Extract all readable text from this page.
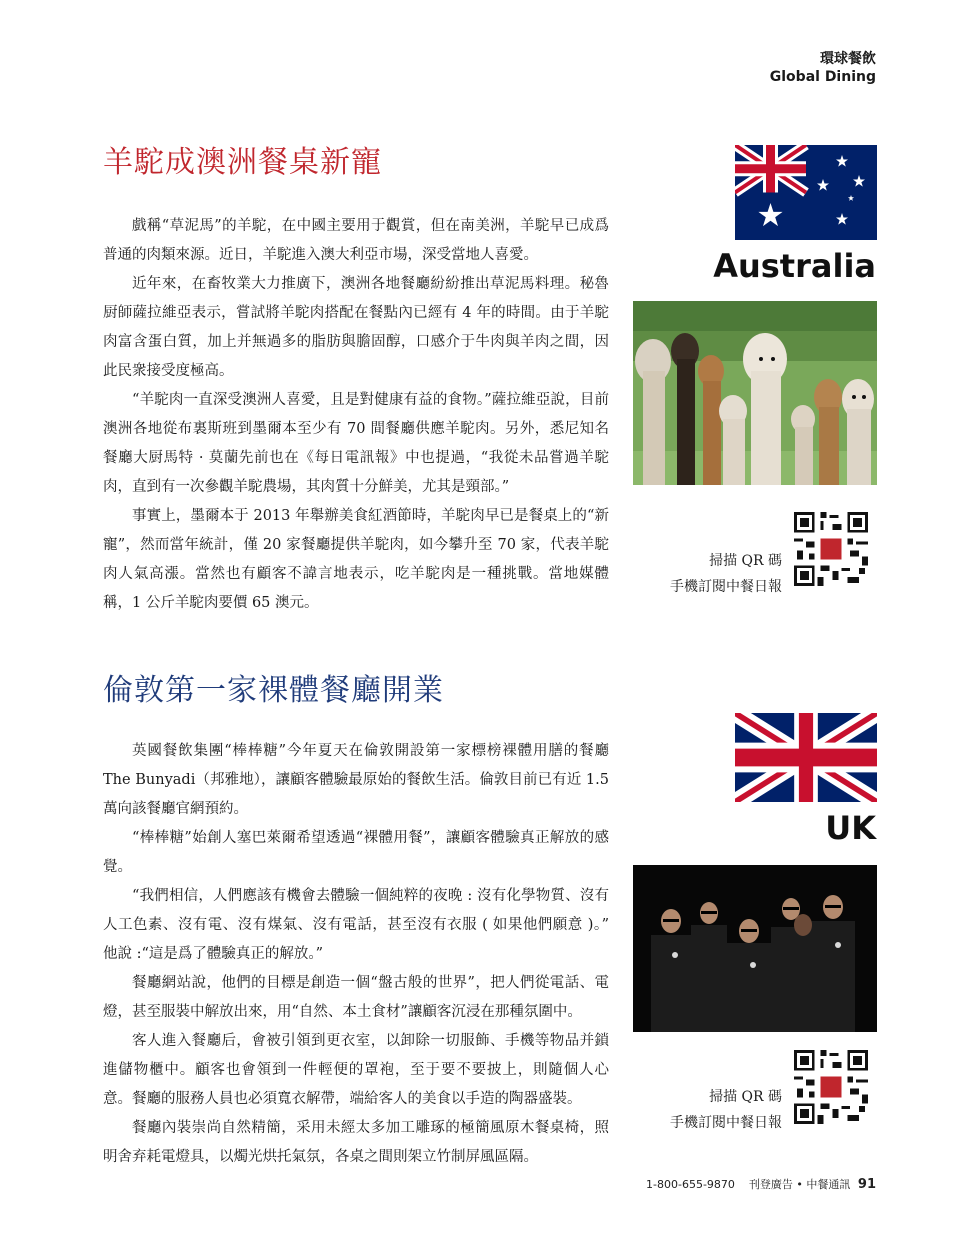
環球餐飲
Global Dining
羊駝成澳洲餐桌新寵

戲稱“草泥馬”的羊駝，在中國主要用于觀賞，但在南美洲，羊駝早已成爲普通的肉類來源。近日，羊駝進入澳大利亞市場，深受當地人喜愛。

近年來，在畜牧業大力推廣下，澳洲各地餐廳紛紛推出草泥馬料理。秘魯厨師薩拉維亞表示，嘗試將羊駝肉搭配在餐點內已經有 4 年的時間。由于羊駝肉富含蛋白質，加上并無過多的脂肪與膽固醇，口感介于牛肉與羊肉之間，因此民衆接受度極高。

“羊駝肉一直深受澳洲人喜愛，且是對健康有益的食物。”薩拉維亞說，目前澳洲各地從布裏斯班到墨爾本至少有 70 間餐廳供應羊駝肉。另外，悉尼知名餐廳大厨馬特 · 莫蘭先前也在《每日電訊報》中也提過，“我從未品嘗過羊駝肉，直到有一次參觀羊駝農場，其肉質十分鮮美，尤其是頸部。”

事實上，墨爾本于 2013 年舉辦美食紅酒節時，羊駝肉早已是餐桌上的“新寵”，然而當年統計，僅 20 家餐廳提供羊駝肉，如今攀升至 70 家，代表羊駝肉人氣高漲。當然也有顧客不諱言地表示，吃羊駝肉是一種挑戰。當地媒體稱，1 公斤羊駝肉要價 65 澳元。

Australia
掃描 QR 碼
手機訂閱中餐日報
倫敦第一家裸體餐廳開業

英國餐飲集團“棒棒糖”今年夏天在倫敦開設第一家標榜裸體用膳的餐廳 The Bunyadi（邦雅地），讓顧客體驗最原始的餐飲生活。倫敦目前已有近 1.5 萬向該餐廳官網預約。

“棒棒糖”始創人塞巴萊爾希望透過“裸體用餐”，讓顧客體驗真正解放的感覺。

“我們相信，人們應該有機會去體驗一個純粹的夜晚 : 沒有化學物質、沒有人工色素、沒有電、沒有煤氣、沒有電話，甚至沒有衣服 ( 如果他們願意 )。” 他說 :“這是爲了體驗真正的解放。”

餐廳網站說，他們的目標是創造一個“盤古般的世界”，把人們從電話、電燈，甚至服裝中解放出來，用“自然、本土食材”讓顧客沉浸在那種氛圍中。

客人進入餐廳后，會被引領到更衣室，以卸除一切服飾、手機等物品并鎖進儲物櫃中。顧客也會領到一件輕便的罩袍，至于要不要披上，則隨個人心意。餐廳的服務人員也必須寬衣解帶，端給客人的美食以手造的陶器盛裝。

餐廳內裝崇尚自然精簡，采用未經太多加工雕琢的極簡風原木餐桌椅，照明舍弃耗電燈具，以燭光烘托氣氛，各桌之間則架立竹制屏風區隔。

UK
掃描 QR 碼
手機訂閱中餐日報
1-800-655-9870 刊登廣告 • 中餐通訊 91
